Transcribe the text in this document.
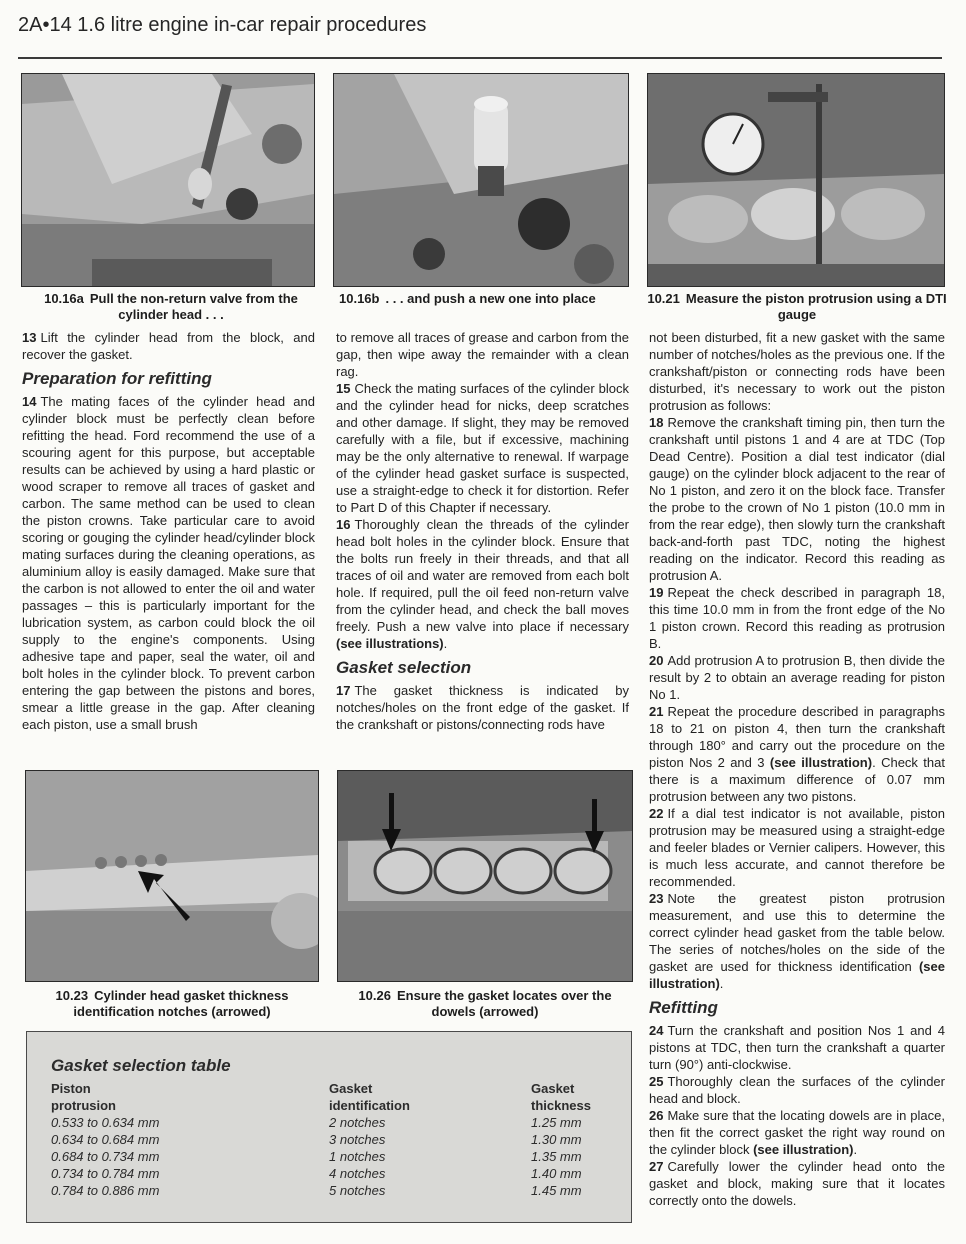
2A•14 1.6 litre engine in-car repair procedures
10.16a Pull the non-return valve from the cylinder head . . .
10.16b . . . and push a new one into place	10.21 Measure the piston protrusion using a DTI gauge

13 Lift the cylinder head from the block, and recover the gasket.

Preparation for refitting

14 The mating faces of the cylinder head and cylinder block must be perfectly clean before refitting the head. Ford recommend the use of a scouring agent for this purpose, but acceptable results can be achieved by using a hard plastic or wood scraper to remove all traces of gasket and carbon. The same method can be used to clean the piston crowns. Take particular care to avoid scoring or gouging the cylinder head/cylinder block mating surfaces during the cleaning operations, as aluminium alloy is easily damaged. Make sure that the carbon is not allowed to enter the oil and water passages – this is particularly important for the lubrication system, as carbon could block the oil supply to the engine's components. Using adhesive tape and paper, seal the water, oil and bolt holes in the cylinder block. To prevent carbon entering the gap between the pistons and bores, smear a little grease in the gap. After cleaning each piston, use a small brush

to remove all traces of grease and carbon from the gap, then wipe away the remainder with a clean rag.

15 Check the mating surfaces of the cylinder block and the cylinder head for nicks, deep scratches and other damage. If slight, they may be removed carefully with a file, but if excessive, machining may be the only alternative to renewal. If warpage of the cylinder head gasket surface is suspected, use a straight-edge to check it for distortion. Refer to Part D of this Chapter if necessary.

16 Thoroughly clean the threads of the cylinder head bolt holes in the cylinder block. Ensure that the bolts run freely in their threads, and that all traces of oil and water are removed from each bolt hole. If required, pull the oil feed non-return valve from the cylinder head, and check the ball moves freely. Push a new valve into place if necessary (see illustrations).

Gasket selection

17 The gasket thickness is indicated by notches/holes on the front edge of the gasket. If the crankshaft or pistons/connecting rods have

10.23 Cylinder head gasket thickness identification notches (arrowed)
10.26 Ensure the gasket locates over the dowels (arrowed)

not been disturbed, fit a new gasket with the same number of notches/holes as the previous one. If the crankshaft/piston or connecting rods have been disturbed, it's necessary to work out the piston protrusion as follows:

18 Remove the crankshaft timing pin, then turn the crankshaft until pistons 1 and 4 are at TDC (Top Dead Centre). Position a dial test indicator (dial gauge) on the cylinder block adjacent to the rear of No 1 piston, and zero it on the block face. Transfer the probe to the crown of No 1 piston (10.0 mm in from the rear edge), then slowly turn the crankshaft back-and-forth past TDC, noting the highest reading on the indicator. Record this reading as protrusion A.

19 Repeat the check described in paragraph 18, this time 10.0 mm in from the front edge of the No 1 piston crown. Record this reading as protrusion B.

20 Add protrusion A to protrusion B, then divide the result by 2 to obtain an average reading for piston No 1.

21 Repeat the procedure described in paragraphs 18 to 21 on piston 4, then turn the crankshaft through 180° and carry out the procedure on the piston Nos 2 and 3 (see illustration). Check that there is a maximum difference of 0.07 mm protrusion between any two pistons.

22 If a dial test indicator is not available, piston protrusion may be measured using a straight-edge and feeler blades or Vernier calipers. However, this is much less accurate, and cannot therefore be recommended.

23 Note the greatest piston protrusion measurement, and use this to determine the correct cylinder head gasket from the table below. The series of notches/holes on the side of the gasket are used for thickness identification (see illustration).

Refitting

24 Turn the crankshaft and position Nos 1 and 4 pistons at TDC, then turn the crankshaft a quarter turn (90°) anti-clockwise.

25 Thoroughly clean the surfaces of the cylinder head and block.

26 Make sure that the locating dowels are in place, then fit the correct gasket the right way round on the cylinder block (see illustration).

27 Carefully lower the cylinder head onto the gasket and block, making sure that it locates correctly onto the dowels.

Gasket selection table
Piston
protrusion
0.533 to 0.634 mm
0.634 to 0.684 mm
0.684 to 0.734 mm
0.734 to 0.784 mm
0.784 to 0.886 mm
Gasket
identification
2 notches
3 notches
1 notches
4 notches
5 notches
Gasket
thickness
1.25 mm
1.30 mm
1.35 mm
1.40 mm
1.45 mm
